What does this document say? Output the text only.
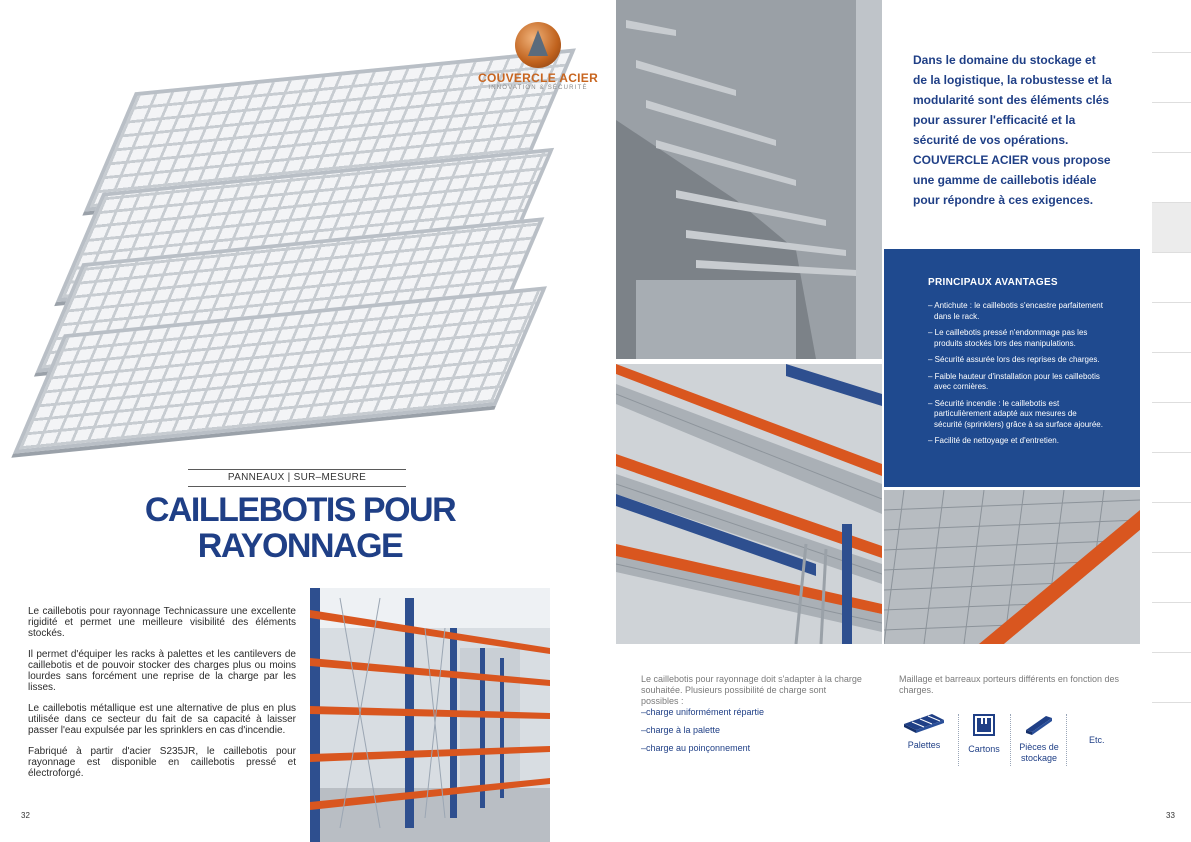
COUVERCLE ACIER
INNOVATION & SÉCURITÉ
PANNEAUX | SUR–MESURE
CAILLEBOTIS POUR
RAYONNAGE

Le caillebotis pour rayonnage Technicassure une excellente rigidité et permet une meilleure visibilité des éléments stockés.

Il permet d'équiper les racks à palettes et les cantilevers de caillebotis et de pouvoir stocker des charges plus ou moins lourdes sans forcément une reprise de la charge par les lisses.

Le caillebotis métallique est une alternative de plus en plus utilisée dans ce secteur du fait de sa capacité à laisser passer l'eau expulsée par les sprinklers en cas d'incendie.

Fabriqué à partir d'acier S235JR, le caillebotis pour rayonnage est disponible en caillebotis pressé et électroforgé.

32
Dans le domaine du stockage et de la logistique, la robustesse et la modularité sont des éléments clés pour assurer l'efficacité et la sécurité de vos opérations. COUVERCLE ACIER vous propose une gamme de caillebotis idéale pour répondre à ces exigences.
PRINCIPAUX AVANTAGES
– Antichute : le caillebotis s'encastre parfaitement dans le rack.
– Le caillebotis pressé n'endommage pas les produits stockés lors des manipulations.
– Sécurité assurée lors des reprises de charges.
– Faible hauteur d'installation pour les caillebotis avec cornières.
– Sécurité incendie : le caillebotis est particulièrement adapté aux mesures de sécurité (sprinklers) grâce à sa surface ajourée.
– Facilité de nettoyage et d'entretien.
Le caillebotis pour rayonnage doit s'adapter à la charge souhaitée. Plusieurs possibilité de charge sont possibles :
–charge uniformément répartie
–charge à la palette
–charge au poinçonnement
Maillage et barreaux porteurs différents en fonction des charges.
Palettes	Cartons	Pièces de stockage
Etc.
33
